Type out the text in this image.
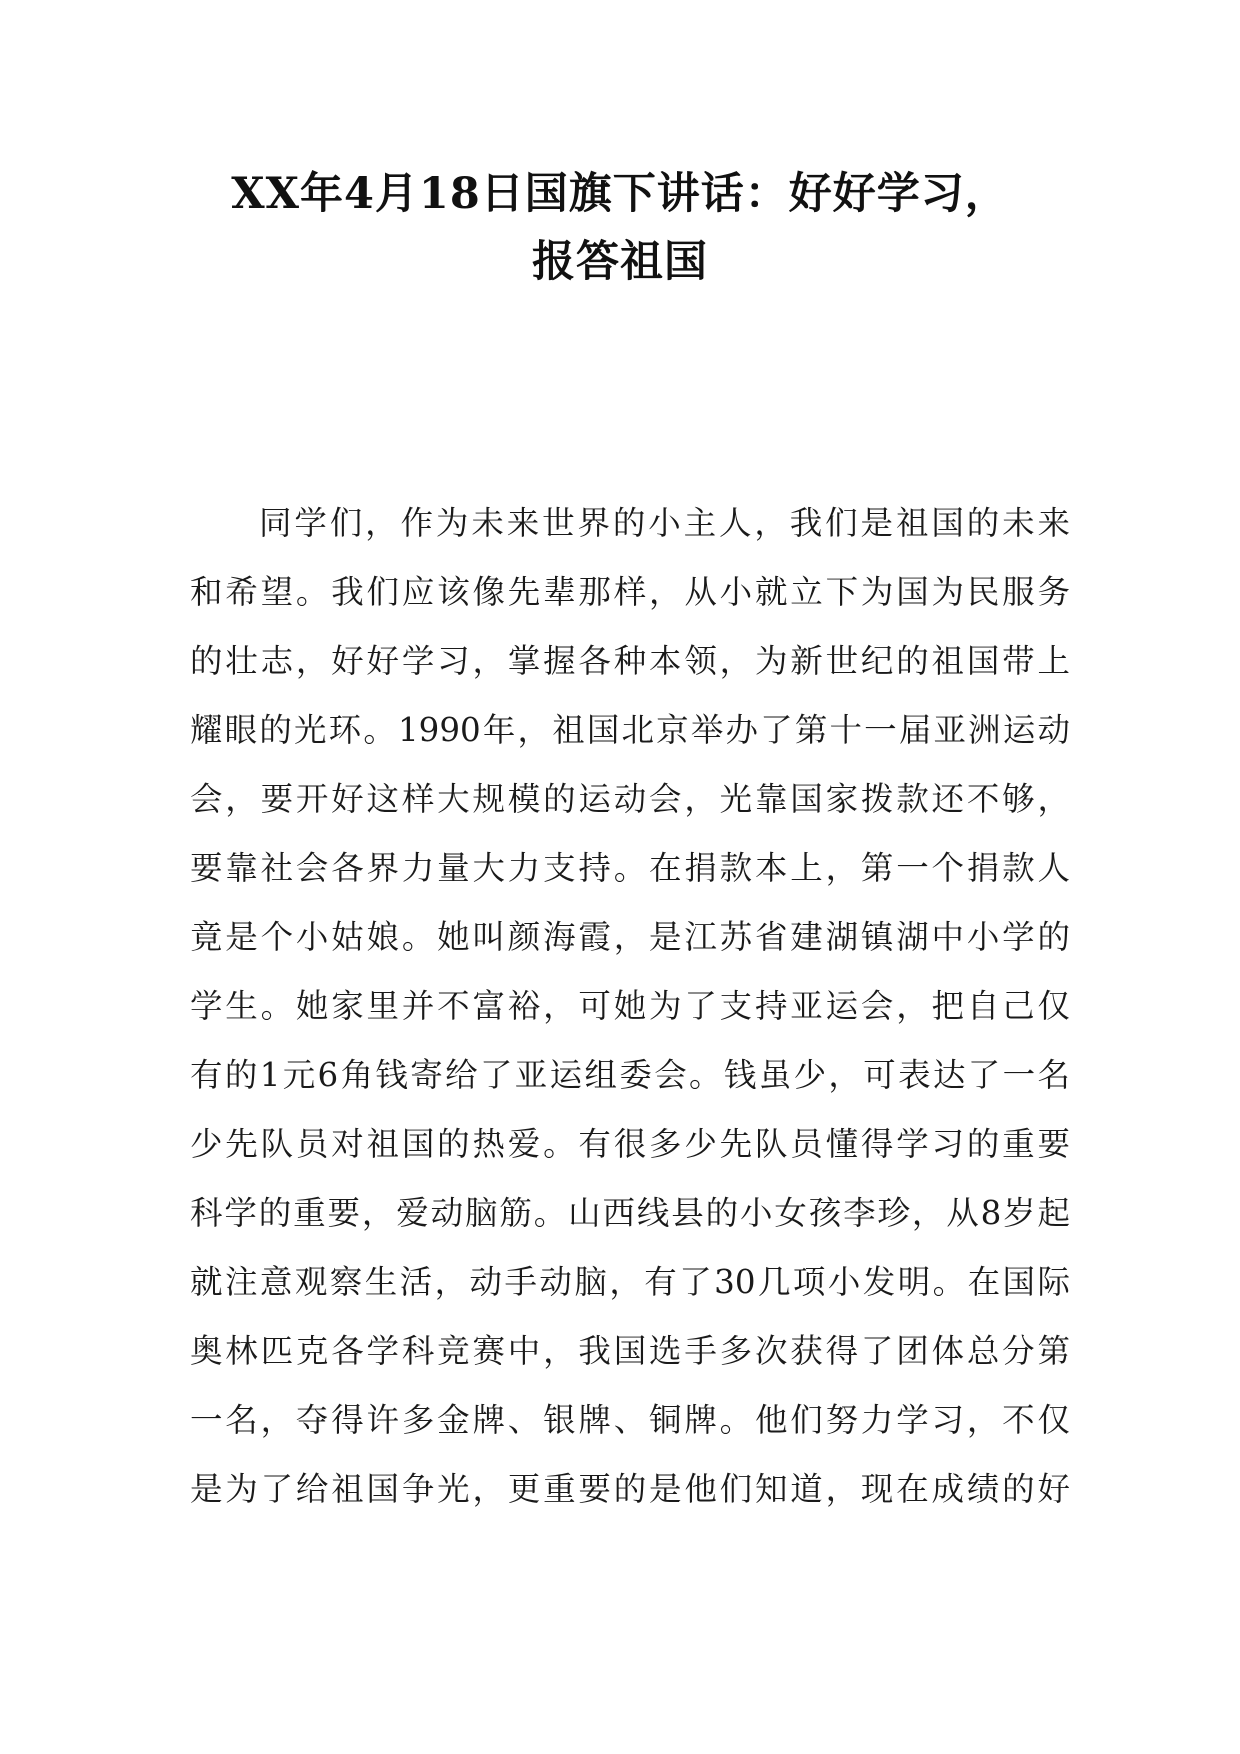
XX年4月18日国旗下讲话：好好学习，
报答祖国
同学们，作为未来世界的小主人，我们是祖国的未来
和希望。我们应该像先辈那样，从小就立下为国为民服务
的壮志，好好学习，掌握各种本领，为新世纪的祖国带上
耀眼的光环。1990年，祖国北京举办了第十一届亚洲运动
会，要开好这样大规模的运动会，光靠国家拨款还不够，
要靠社会各界力量大力支持。在捐款本上，第一个捐款人
竟是个小姑娘。她叫颜海霞，是江苏省建湖镇湖中小学的
学生。她家里并不富裕，可她为了支持亚运会，把自己仅
有的1元6角钱寄给了亚运组委会。钱虽少，可表达了一名
少先队员对祖国的热爱。有很多少先队员懂得学习的重要
科学的重要，爱动脑筋。山西线县的小女孩李珍，从8岁起
就注意观察生活，动手动脑，有了30几项小发明。在国际
奥林匹克各学科竞赛中，我国选手多次获得了团体总分第
一名，夺得许多金牌、银牌、铜牌。他们努力学习，不仅
是为了给祖国争光，更重要的是他们知道，现在成绩的好
